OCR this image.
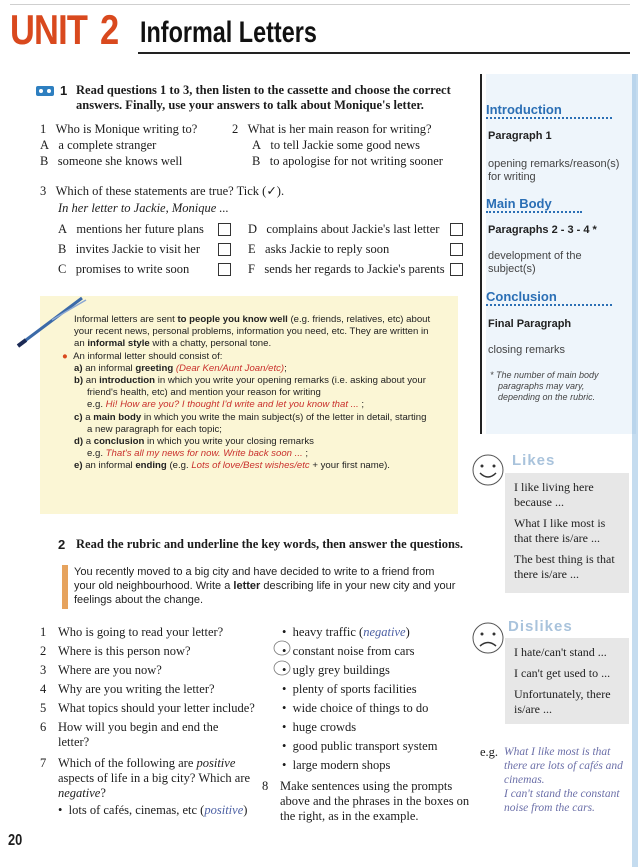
UNIT 2 Informal Letters
1 Read questions 1 to 3, then listen to the cassette and choose the correct
answers. Finally, use your answers to talk about Monique's letter.
1 Who is Monique writing to?
A a complete stranger
B someone she knows well
2 What is her main reason for writing?
A to tell Jackie some good news
B to apologise for not writing sooner
3 Which of these statements are true? Tick (✓).
In her letter to Jackie, Monique ...
A mentions her future plans
B invites Jackie to visit her
C promises to write soon
D complains about Jackie's last letter
E asks Jackie to reply soon
F sends her regards to Jackie's parents
Informal letters are sent to people you know well (e.g. friends, relatives, etc) about
your recent news, personal problems, information you need, etc. They are written in
an informal style with a chatty, personal tone.
● An informal letter should consist of:
a) an informal greeting (Dear Ken/Aunt Joan/etc);
b) an introduction in which you write your opening remarks (i.e. asking about your
friend's health, etc) and mention your reason for writing
e.g. Hi! How are you? I thought I'd write and let you know that ... ;
c) a main body in which you write the main subject(s) of the letter in detail, starting
a new paragraph for each topic;
d) a conclusion in which you write your closing remarks
e.g. That's all my news for now. Write back soon ... ;
e) an informal ending (e.g. Lots of love/Best wishes/etc + your first name).
Introduction
Paragraph 1
opening remarks/reason(s)
for writing
Main Body
Paragraphs 2 - 3 - 4 *
development of the
subject(s)
Conclusion
Final Paragraph
closing remarks
* The number of main body
paragraphs may vary,
depending on the rubric.
Likes
I like living here
because ...
What I like most is
that there is/are ...
The best thing is that
there is/are ...
Dislikes
I hate/can't stand ...
I can't get used to ...
Unfortunately, there
is/are ...
e.g. What I like most is that
there are lots of cafés and
cinemas.
I can't stand the constant
noise from the cars.
2 Read the rubric and underline the key words, then answer the questions.
You recently moved to a big city and have decided to write to a friend from
your old neighbourhood. Write a letter describing life in your new city and your
feelings about the change.
1 Who is going to read your letter?
2 Where is this person now?
3 Where are you now?
4 Why are you writing the letter?
5 What topics should your letter include?
6 How will you begin and end the
letter?
7 Which of the following are positive
aspects of life in a big city? Which are
negative?
•  lots of cafés, cinemas, etc (positive)
•  heavy traffic (negative)
•  constant noise from cars
•  ugly grey buildings
•  plenty of sports facilities
•  wide choice of things to do
•  huge crowds
•  good public transport system
•  large modern shops
8 Make sentences using the prompts
above and the phrases in the boxes on
the right, as in the example.
20
